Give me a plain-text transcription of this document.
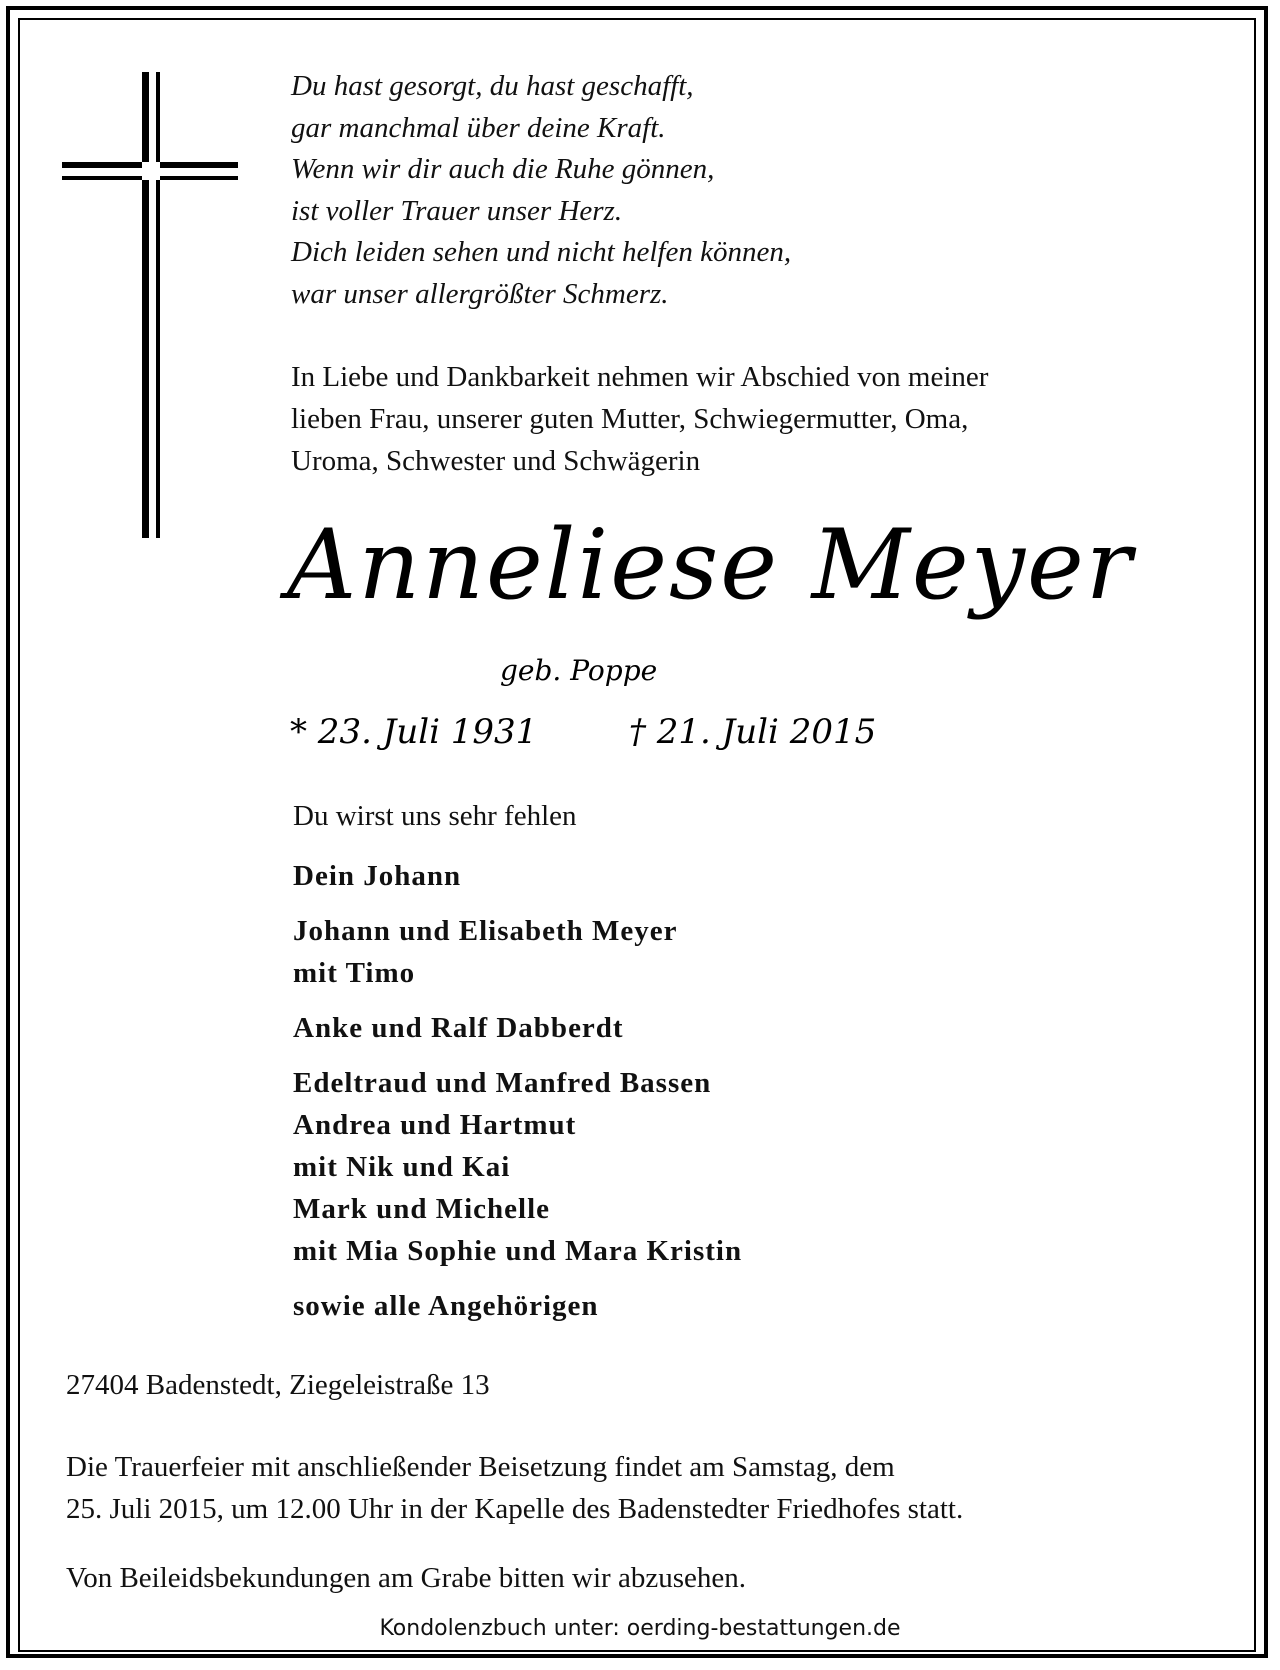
Du hast gesorgt, du hast geschafft,
gar manchmal über deine Kraft.
Wenn wir dir auch die Ruhe gönnen,
ist voller Trauer unser Herz.
Dich leiden sehen und nicht helfen können,
war unser allergrößter Schmerz.
In Liebe und Dankbarkeit nehmen wir Abschied von meiner
lieben Frau, unserer guten Mutter, Schwiegermutter, Oma,
Uroma, Schwester und Schwägerin
Anneliese Meyer
geb. Poppe
* 23. Juli 1931	† 21. Juli 2015
Du wirst uns sehr fehlen
Dein Johann
Johann und Elisabeth Meyer
mit Timo
Anke und Ralf Dabberdt
Edeltraud und Manfred Bassen
Andrea und Hartmut
mit Nik und Kai
Mark und Michelle
mit Mia Sophie und Mara Kristin
sowie alle Angehörigen
27404 Badenstedt, Ziegeleistraße 13
Die Trauerfeier mit anschließender Beisetzung findet am Samstag, dem
25. Juli 2015, um 12.00 Uhr in der Kapelle des Badenstedter Friedhofes statt.
Von Beileidsbekundungen am Grabe bitten wir abzusehen.
Kondolenzbuch unter: oerding-bestattungen.de
